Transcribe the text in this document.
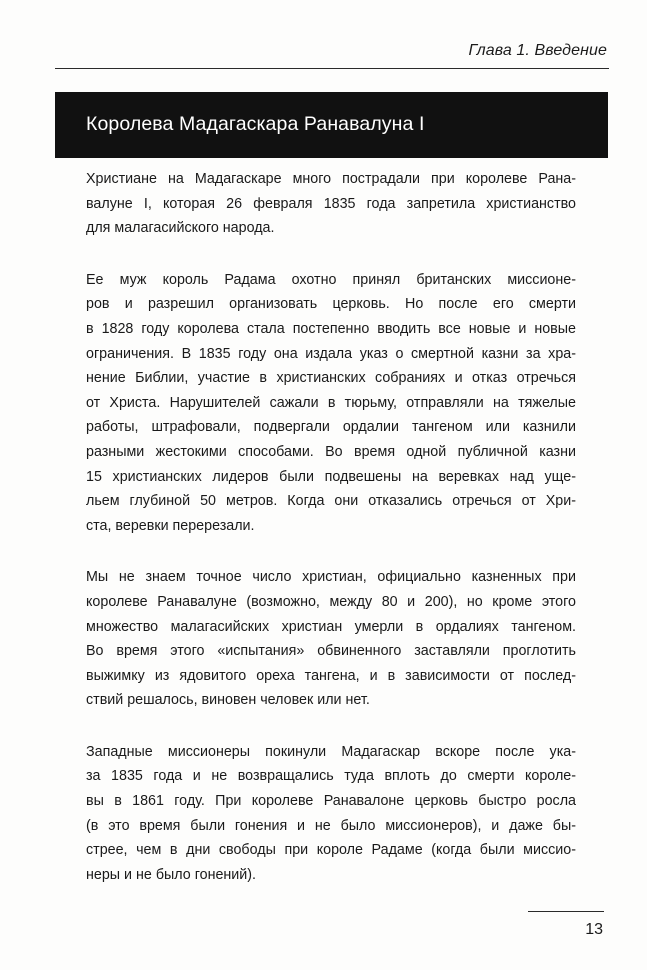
Глава 1. Введение
Королева Мадагаскара Ранавалуна I

Христиане на Мадагаскаре много пострадали при королеве Рана-
валуне I, которая 26 февраля 1835 года запретила христианство
для малагасийского народа.

Ее муж король Радама охотно принял британских миссионе-
ров и разрешил организовать церковь. Но после его смерти
в 1828 году королева стала постепенно вводить все новые и новые
ограничения. В 1835 году она издала указ о смертной казни за хра-
нение Библии, участие в христианских собраниях и отказ отречься
от Христа. Нарушителей сажали в тюрьму, отправляли на тяжелые
работы, штрафовали, подвергали ордалии тангеном или казнили
разными жестокими способами. Во время одной публичной казни
15 христианских лидеров были подвешены на веревках над уще-
льем глубиной 50 метров. Когда они отказались отречься от Хри-
ста, веревки перерезали.

Мы не знаем точное число христиан, официально казненных при
королеве Ранавалуне (возможно, между 80 и 200), но кроме этого
множество малагасийских христиан умерли в ордалиях тангеном.
Во время этого «испытания» обвиненного заставляли проглотить
выжимку из ядовитого ореха тангена, и в зависимости от послед-
ствий решалось, виновен человек или нет.

Западные миссионеры покинули Мадагаскар вскоре после ука-
за 1835 года и не возвращались туда вплоть до смерти короле-
вы в 1861 году. При королеве Ранавалоне церковь быстро росла
(в это время были гонения и не было миссионеров), и даже бы-
стрее, чем в дни свободы при короле Радаме (когда были миссио-
неры и не было гонений).

13
